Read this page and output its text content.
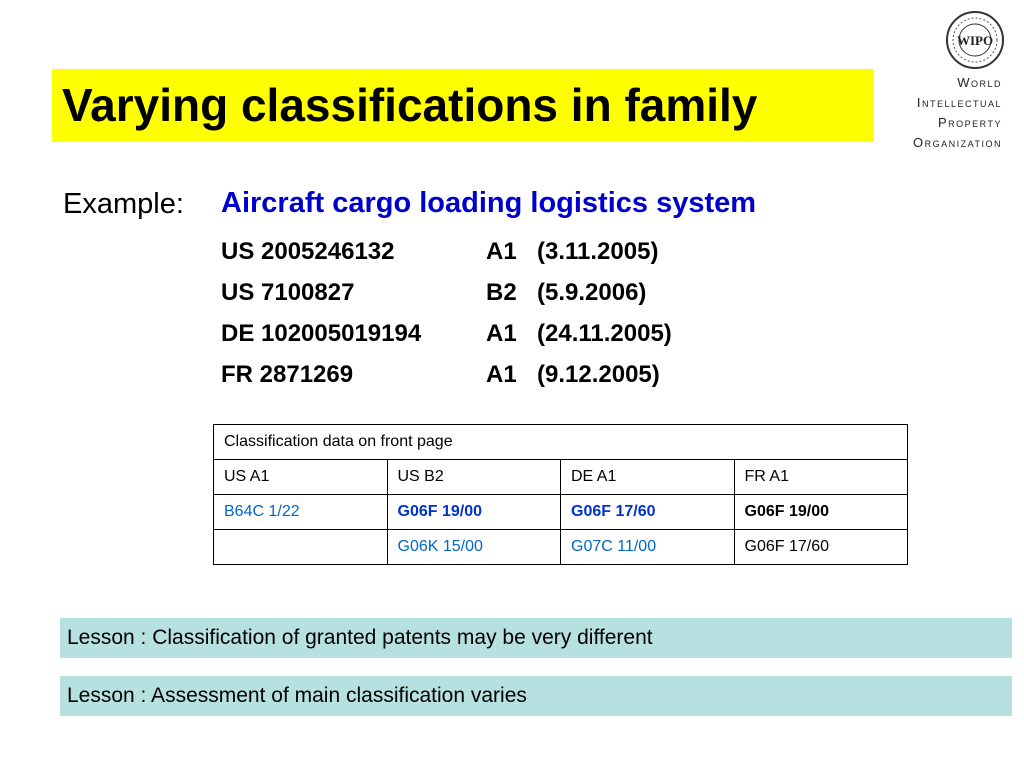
Varying classifications in family
WIPO
World
Intellectual
Property
Organization
Example: Aircraft cargo loading logistics system
US 2005246132	A1 (3.11.2005)
US 7100827	B2 (5.9.2006)
DE 102005019194	A1 (24.11.2005)
FR 2871269	A1 (9.12.2005)
Classification data on front page			
US A1	US B2	DE A1	FR A1
B64C 1/22	G06F 19/00	G06F 17/60	G06F 19/00
	G06K 15/00	G07C 11/00	G06F 17/60
Lesson : Classification of granted patents may be very different
Lesson : Assessment of main classification varies
